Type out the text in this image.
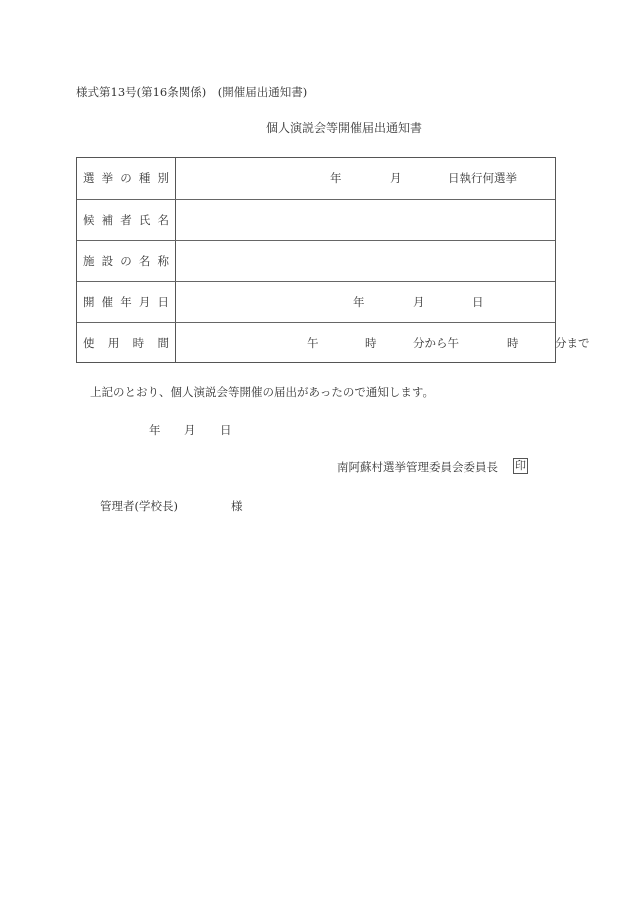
様式第13号(第16条関係)　(開催届出通知書)
個人演説会等開催届出通知書
選 挙 の 種 別	年	月	日執行何選挙
候 補 者 氏 名
施 設 の 名 称
開 催 年 月 日	年	月	日
使 用 時 間	午	時	分から午	時	分まで
上記のとおり、個人演説会等開催の届出があったので通知します。
年 月 日
南阿蘇村選挙管理委員会委員長 印
管理者(学校長)	様
